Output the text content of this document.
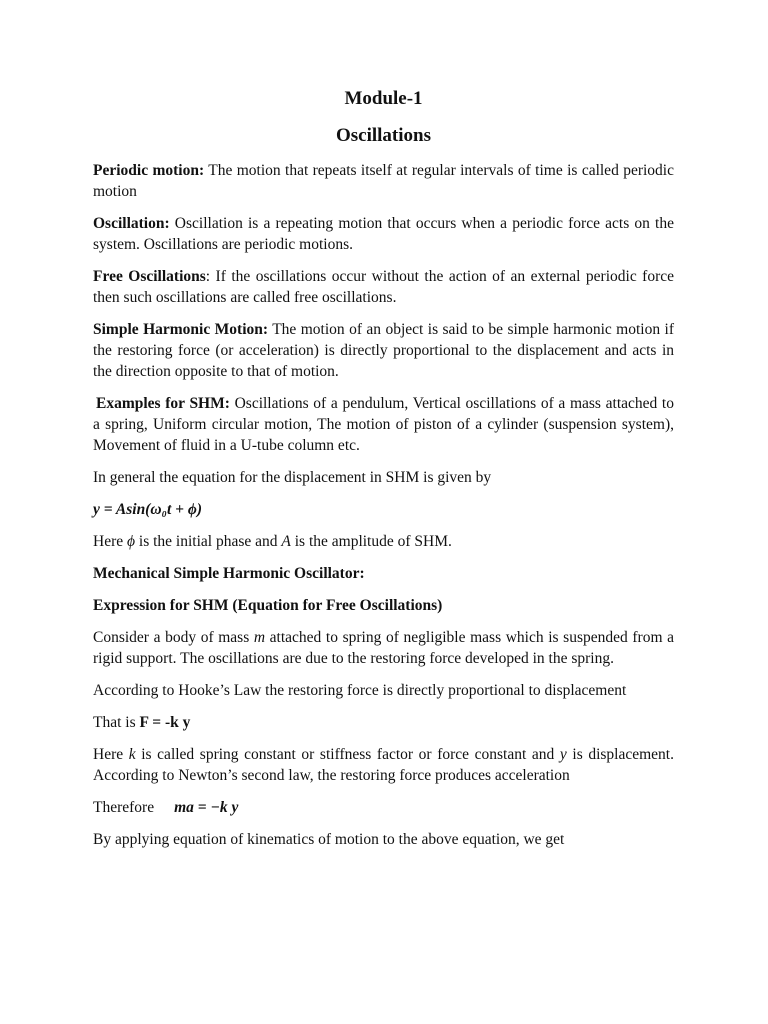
Module-1
Oscillations

Periodic motion: The motion that repeats itself at regular intervals of time is called periodic motion

Oscillation: Oscillation is a repeating motion that occurs when a periodic force acts on the system. Oscillations are periodic motions.

Free Oscillations: If the oscillations occur without the action of an external periodic force then such oscillations are called free oscillations.

Simple Harmonic Motion: The motion of an object is said to be simple harmonic motion if the restoring force (or acceleration) is directly proportional to the displacement and acts in the direction opposite to that of motion.

Examples for SHM: Oscillations of a pendulum, Vertical oscillations of a mass attached to a spring, Uniform circular motion, The motion of piston of a cylinder (suspension system), Movement of fluid in a U-tube column etc.

In general the equation for the displacement in SHM is given by

y = Asin(ω₀t + ϕ)

Here ϕ is the initial phase and A is the amplitude of SHM.

Mechanical Simple Harmonic Oscillator:

Expression for SHM (Equation for Free Oscillations)

Consider a body of mass m attached to spring of negligible mass which is suspended from a rigid support. The oscillations are due to the restoring force developed in the spring.

According to Hooke’s Law the restoring force is directly proportional to displacement

That is F = -k y

Here k is called spring constant or stiffness factor or force constant and y is displacement. According to Newton’s second law, the restoring force produces acceleration

Therefore ma = −k y

By applying equation of kinematics of motion to the above equation, we get
